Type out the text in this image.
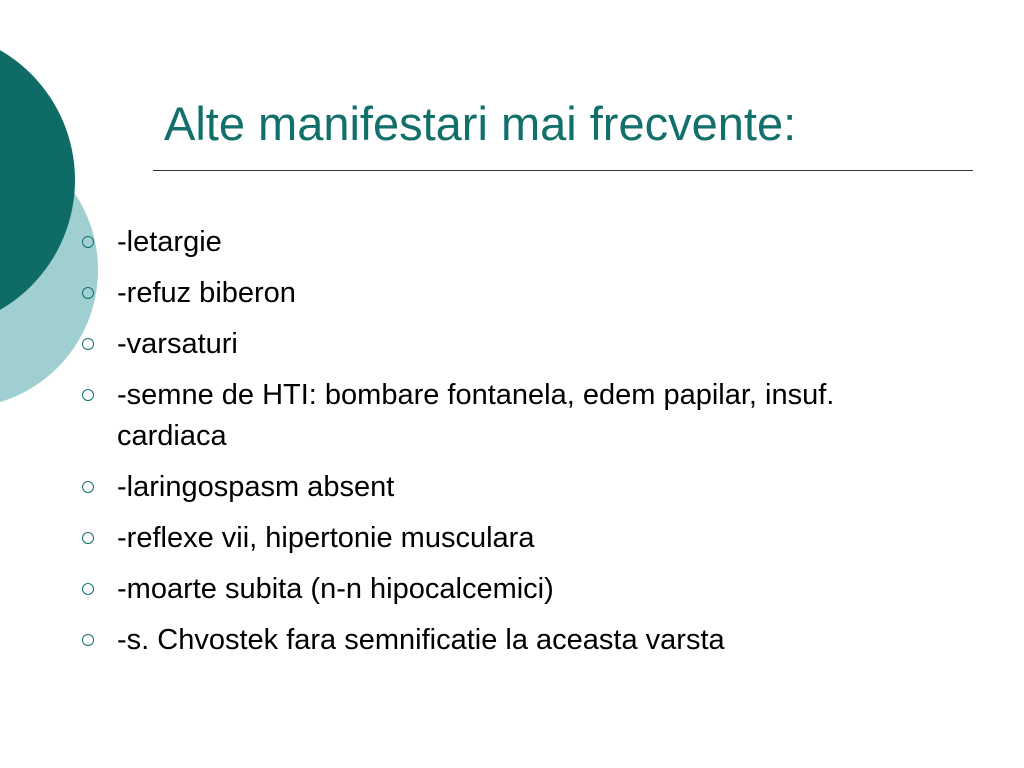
Alte manifestari mai frecvente:
-letargie
-refuz biberon
-varsaturi
-semne de HTI: bombare fontanela, edem papilar, insuf. cardiaca
-laringospasm absent
-reflexe vii, hipertonie musculara
-moarte subita (n-n hipocalcemici)
-s. Chvostek fara semnificatie la aceasta varsta
